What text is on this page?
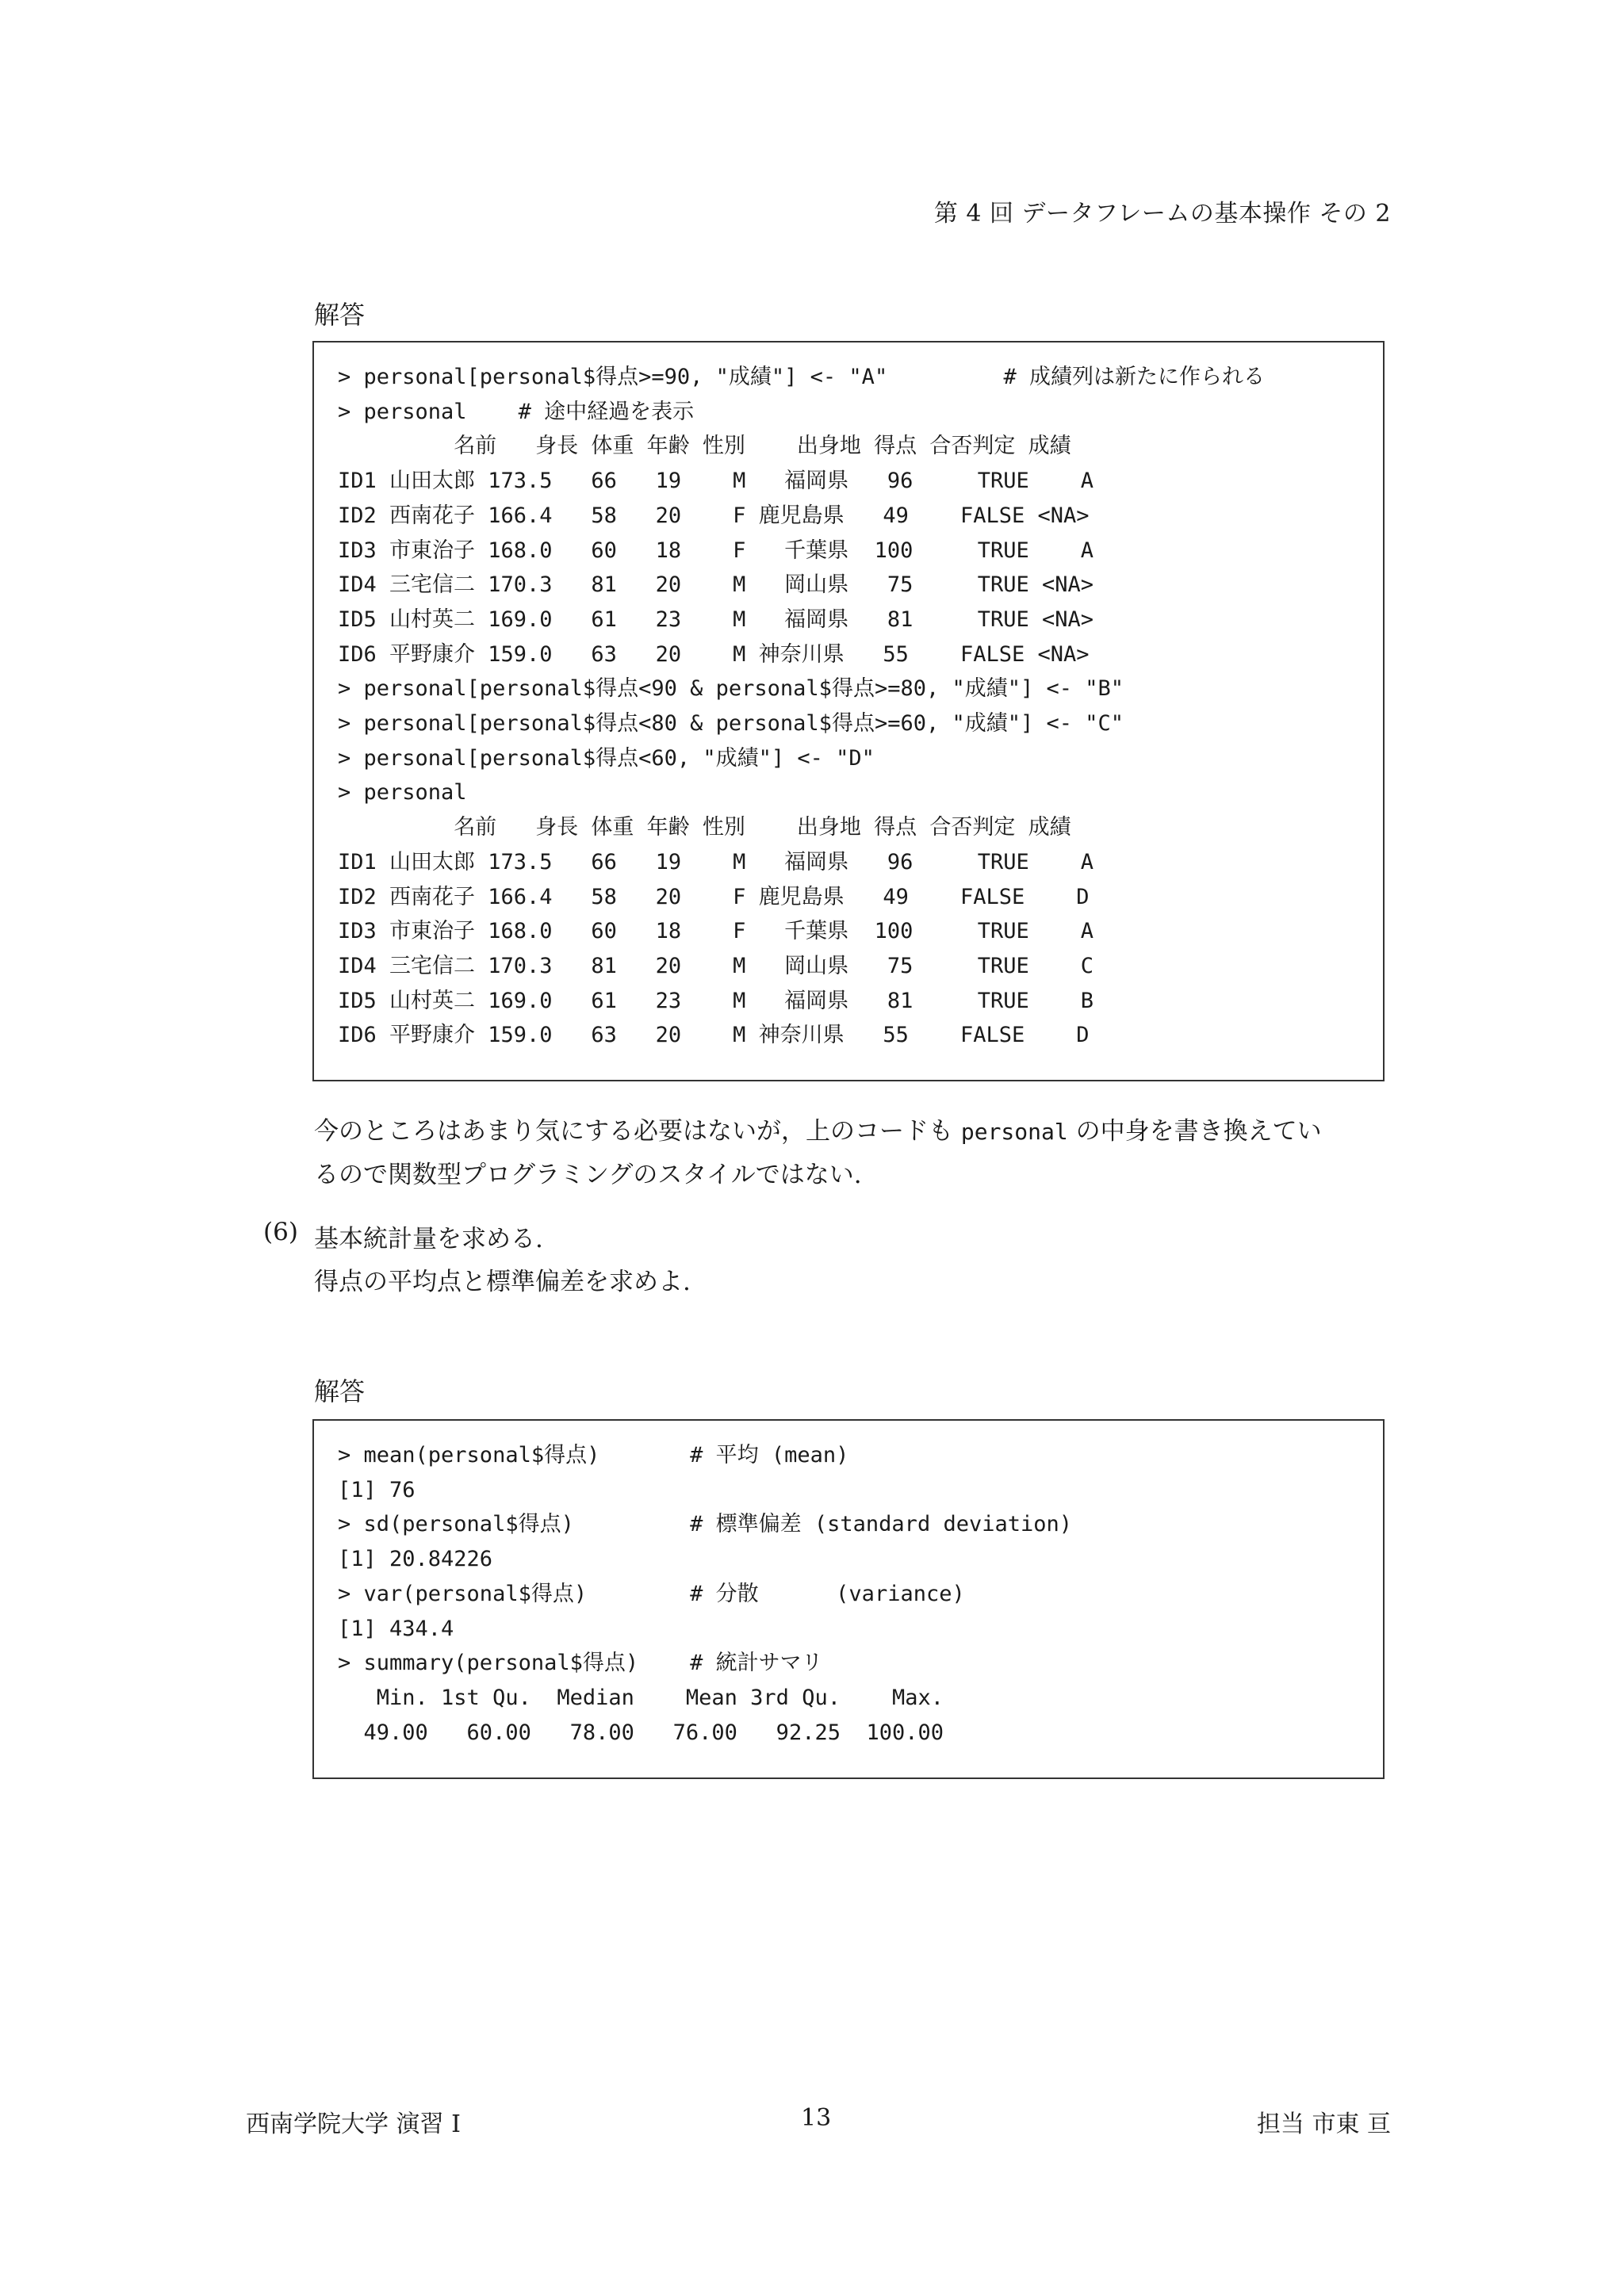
第 4 回 データフレームの基本操作 その 2
解答
> personal[personal$得点>=90, "成績"] <- "A"         # 成績列は新たに作られる
> personal    # 途中経過を表示
名前   身長 体重 年齢 性別    出身地 得点 合否判定 成績
ID1 山田太郎 173.5   66   19    M   福岡県   96     TRUE    A
ID2 西南花子 166.4   58   20    F 鹿児島県   49    FALSE <NA>
ID3 市東治子 168.0   60   18    F   千葉県  100     TRUE    A
ID4 三宅信二 170.3   81   20    M   岡山県   75     TRUE <NA>
ID5 山村英二 169.0   61   23    M   福岡県   81     TRUE <NA>
ID6 平野康介 159.0   63   20    M 神奈川県   55    FALSE <NA>
> personal[personal$得点<90 & personal$得点>=80, "成績"] <- "B"
> personal[personal$得点<80 & personal$得点>=60, "成績"] <- "C"
> personal[personal$得点<60, "成績"] <- "D"
> personal
名前   身長 体重 年齢 性別    出身地 得点 合否判定 成績
ID1 山田太郎 173.5   66   19    M   福岡県   96     TRUE    A
ID2 西南花子 166.4   58   20    F 鹿児島県   49    FALSE    D
ID3 市東治子 168.0   60   18    F   千葉県  100     TRUE    A
ID4 三宅信二 170.3   81   20    M   岡山県   75     TRUE    C
ID5 山村英二 169.0   61   23    M   福岡県   81     TRUE    B
ID6 平野康介 159.0   63   20    M 神奈川県   55    FALSE    D
今のところはあまり気にする必要はないが，上のコードも personal の中身を書き換えてい
るので関数型プログラミングのスタイルではない.
(6) 基本統計量を求める.
得点の平均点と標準偏差を求めよ.
解答
> mean(personal$得点)       # 平均 (mean)
[1] 76
> sd(personal$得点)         # 標準偏差 (standard deviation)
[1] 20.84226
> var(personal$得点)        # 分散      (variance)
[1] 434.4
> summary(personal$得点)    # 統計サマリ
Min. 1st Qu.  Median    Mean 3rd Qu.    Max.
49.00   60.00   78.00   76.00   92.25  100.00
西南学院大学 演習 I	13	担当 市東 亘
